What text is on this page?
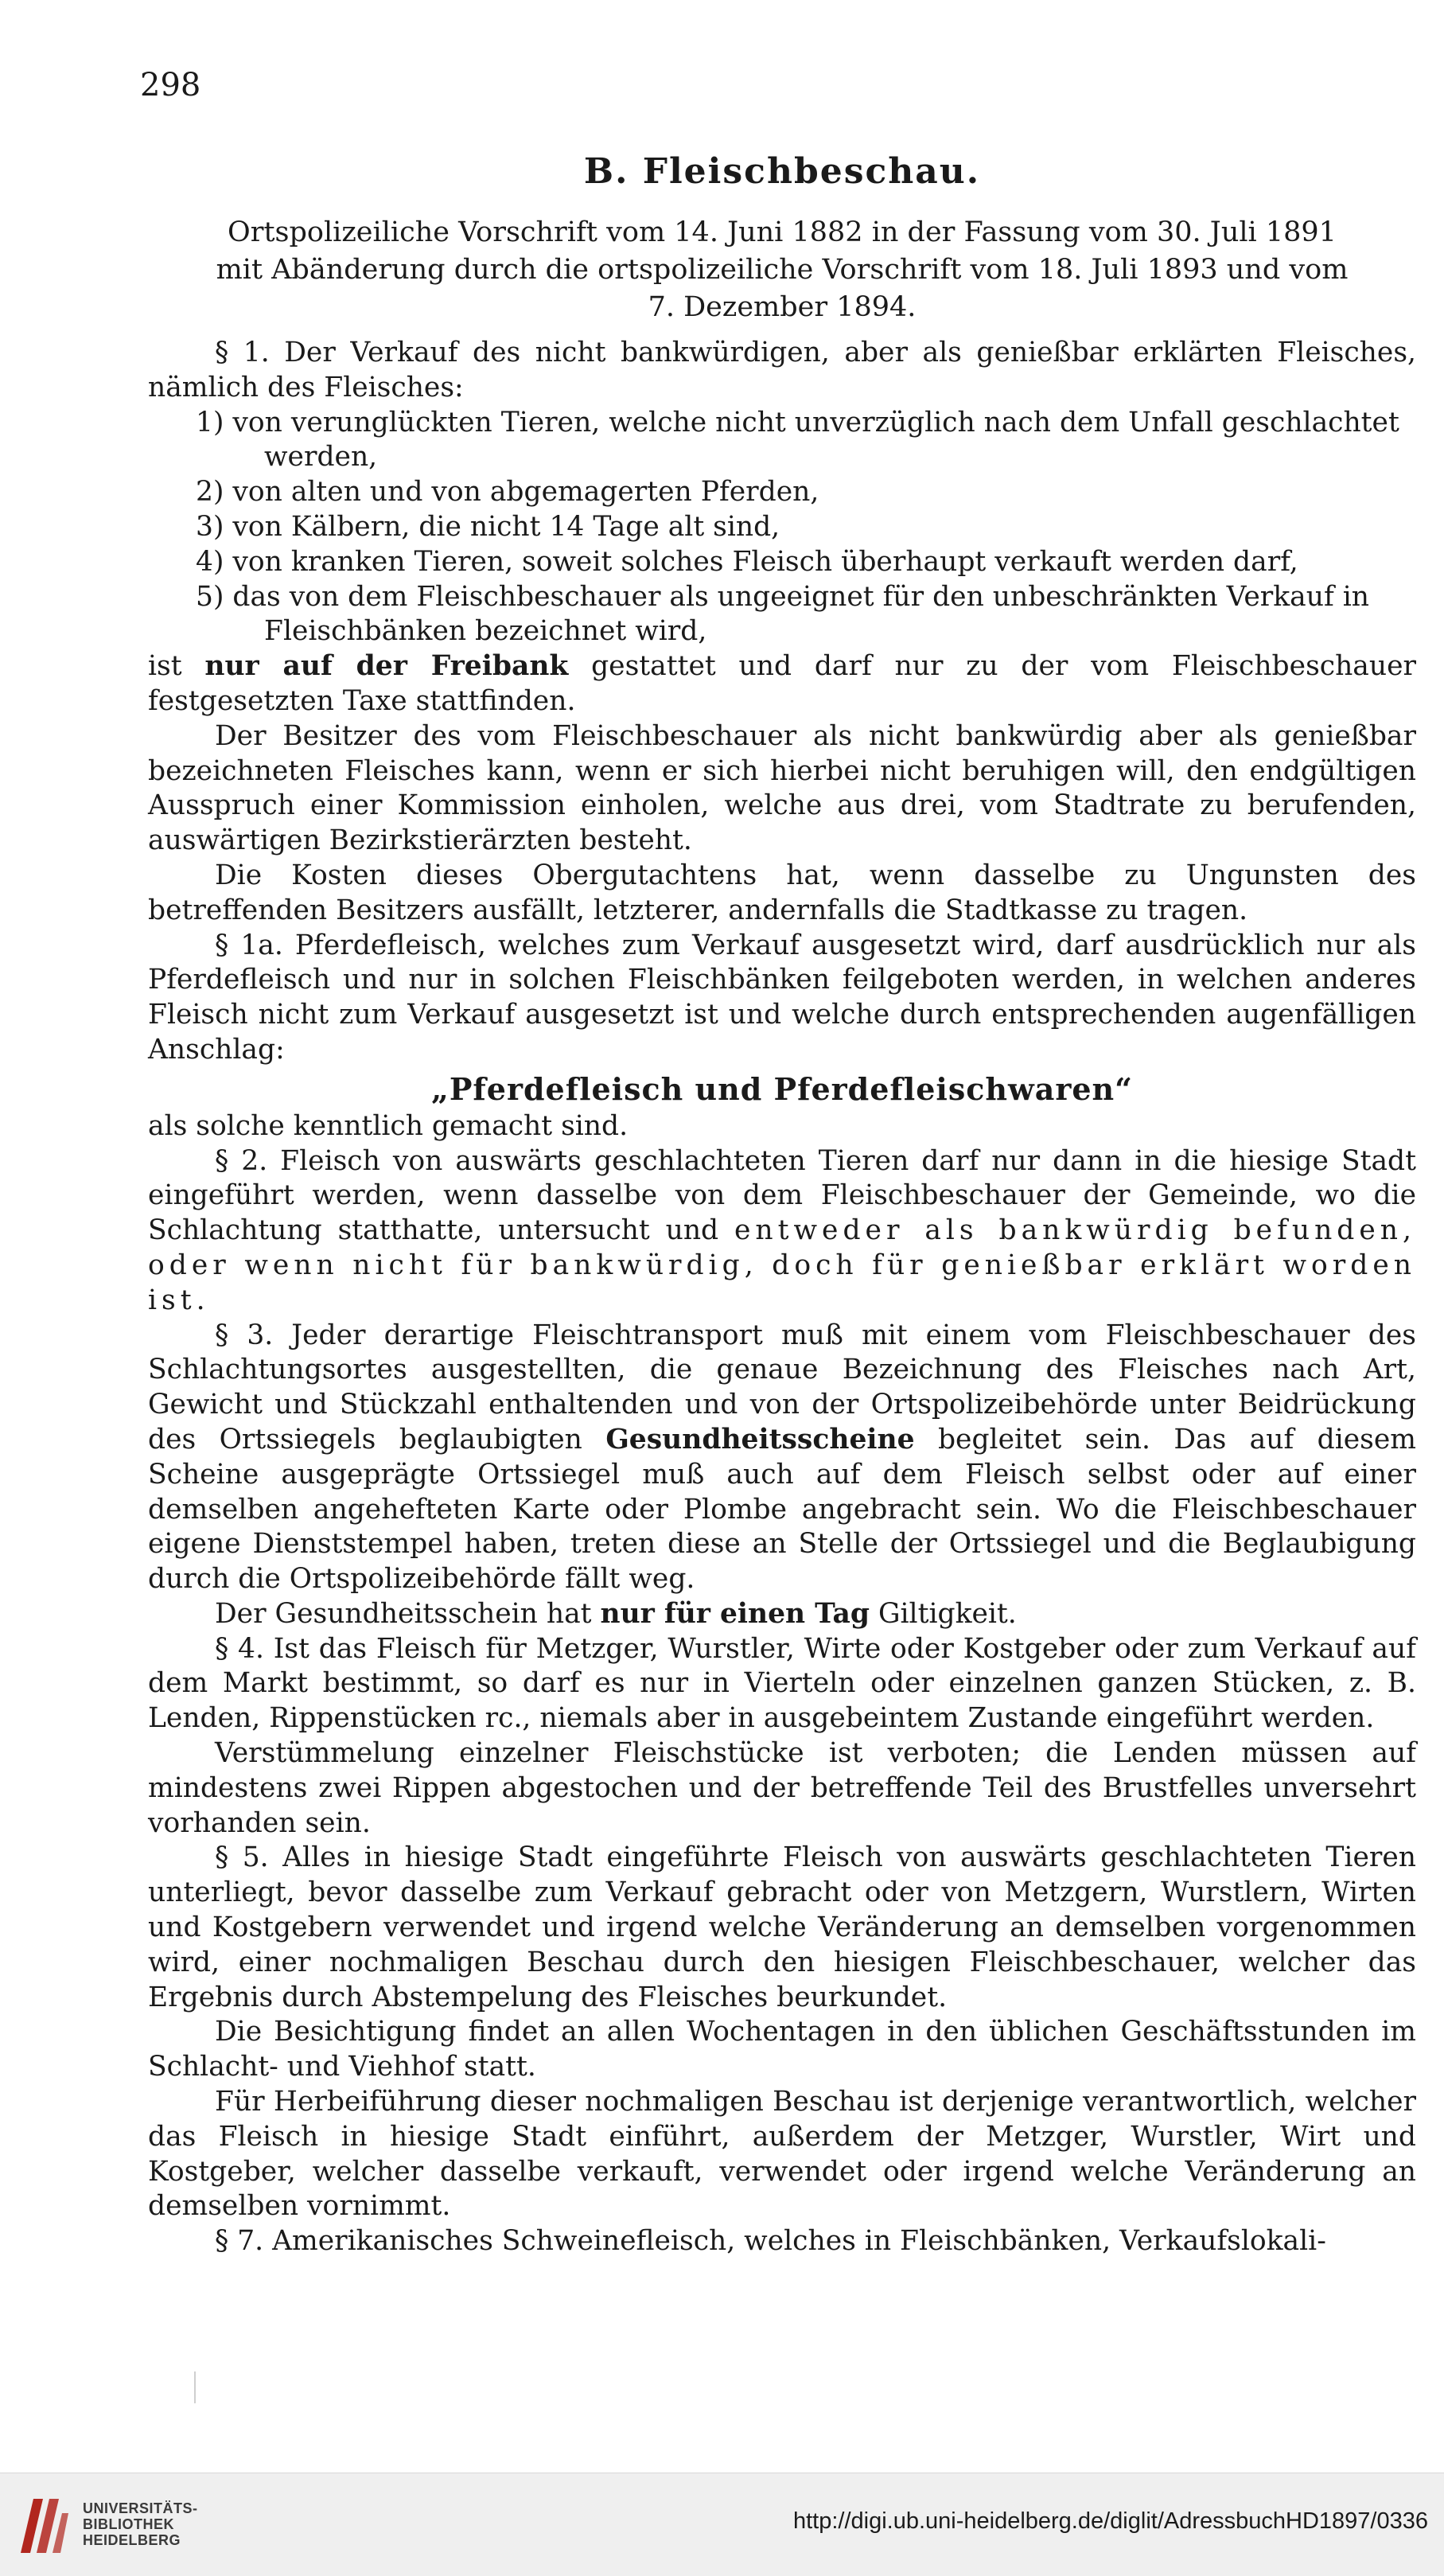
298
B. Fleischbeschau.
Ortspolizeiliche Vorschrift vom 14. Juni 1882 in der Fassung vom 30. Juli 1891
mit Abänderung durch die ortspolizeiliche Vorschrift vom 18. Juli 1893 und vom
7. Dezember 1894.

§ 1. Der Verkauf des nicht bankwürdigen, aber als genießbar erklärten Fleisches, nämlich des Fleisches:

1) von verunglückten Tieren, welche nicht unverzüglich nach dem Unfall geschlachtet werden,
2) von alten und von abgemagerten Pferden,
3) von Kälbern, die nicht 14 Tage alt sind,
4) von kranken Tieren, soweit solches Fleisch überhaupt verkauft werden darf,
5) das von dem Fleischbeschauer als ungeeignet für den unbeschränkten Verkauf in Fleischbänken bezeichnet wird,

ist nur auf der Freibank gestattet und darf nur zu der vom Fleischbeschauer festgesetzten Taxe stattfinden.

Der Besitzer des vom Fleischbeschauer als nicht bankwürdig aber als genießbar bezeichneten Fleisches kann, wenn er sich hierbei nicht beruhigen will, den endgültigen Ausspruch einer Kommission einholen, welche aus drei, vom Stadtrate zu berufenden, auswärtigen Bezirkstierärzten besteht.

Die Kosten dieses Obergutachtens hat, wenn dasselbe zu Ungunsten des betreffenden Besitzers ausfällt, letzterer, andernfalls die Stadtkasse zu tragen.

§ 1a. Pferdefleisch, welches zum Verkauf ausgesetzt wird, darf ausdrücklich nur als Pferdefleisch und nur in solchen Fleischbänken feilgeboten werden, in welchen anderes Fleisch nicht zum Verkauf ausgesetzt ist und welche durch entsprechenden augenfälligen Anschlag:

„Pferdefleisch und Pferdefleischwaren“

als solche kenntlich gemacht sind.

§ 2. Fleisch von auswärts geschlachteten Tieren darf nur dann in die hiesige Stadt eingeführt werden, wenn dasselbe von dem Fleischbeschauer der Gemeinde, wo die Schlachtung statthatte, untersucht und entweder als bankwürdig befunden, oder wenn nicht für bankwürdig, doch für genießbar erklärt worden ist.

§ 3. Jeder derartige Fleischtransport muß mit einem vom Fleischbeschauer des Schlachtungsortes ausgestellten, die genaue Bezeichnung des Fleisches nach Art, Gewicht und Stückzahl enthaltenden und von der Ortspolizeibehörde unter Beidrückung des Ortssiegels beglaubigten Gesundheitsscheine begleitet sein. Das auf diesem Scheine ausgeprägte Ortssiegel muß auch auf dem Fleisch selbst oder auf einer demselben angehefteten Karte oder Plombe angebracht sein. Wo die Fleischbeschauer eigene Dienststempel haben, treten diese an Stelle der Ortssiegel und die Beglaubigung durch die Ortspolizeibehörde fällt weg.

Der Gesundheitsschein hat nur für einen Tag Giltigkeit.

§ 4. Ist das Fleisch für Metzger, Wurstler, Wirte oder Kostgeber oder zum Verkauf auf dem Markt bestimmt, so darf es nur in Vierteln oder einzelnen ganzen Stücken, z. B. Lenden, Rippenstücken rc., niemals aber in ausgebeintem Zustande eingeführt werden.

Verstümmelung einzelner Fleischstücke ist verboten; die Lenden müssen auf mindestens zwei Rippen abgestochen und der betreffende Teil des Brustfelles unversehrt vorhanden sein.

§ 5. Alles in hiesige Stadt eingeführte Fleisch von auswärts geschlachteten Tieren unterliegt, bevor dasselbe zum Verkauf gebracht oder von Metzgern, Wurstlern, Wirten und Kostgebern verwendet und irgend welche Veränderung an demselben vorgenommen wird, einer nochmaligen Beschau durch den hiesigen Fleischbeschauer, welcher das Ergebnis durch Abstempelung des Fleisches beurkundet.

Die Besichtigung findet an allen Wochentagen in den üblichen Geschäftsstunden im Schlacht- und Viehhof statt.

Für Herbeiführung dieser nochmaligen Beschau ist derjenige verantwortlich, welcher das Fleisch in hiesige Stadt einführt, außerdem der Metzger, Wurstler, Wirt und Kostgeber, welcher dasselbe verkauft, verwendet oder irgend welche Veränderung an demselben vornimmt.

§ 7. Amerikanisches Schweinefleisch, welches in Fleischbänken, Verkaufslokali-

UNIVERSITÄTS-
BIBLIOTHEK
HEIDELBERG
http://digi.ub.uni-heidelberg.de/diglit/AdressbuchHD1897/0336
